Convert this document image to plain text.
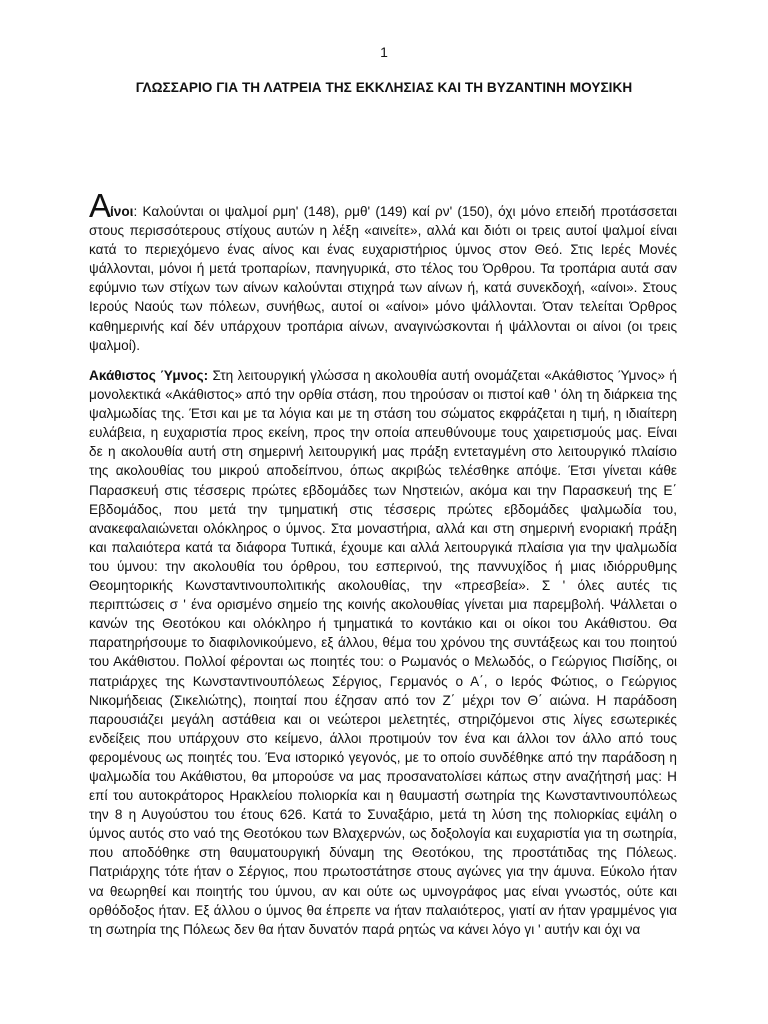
1
ΓΛΩΣΣΑΡΙΟ ΓΙΑ ΤΗ ΛΑΤΡΕΙΑ ΤΗΣ ΕΚΚΛΗΣΙΑΣ ΚΑΙ ΤΗ ΒΥΖΑΝΤΙΝΗ ΜΟΥΣΙΚΗ

Αίνοι: Καλούνται οι ψαλμοί ρμη' (148), ρμθ' (149) καί ρν' (150), όχι μόνο επειδή προτάσσεται στους περισσότερους στίχους αυτών η λέξη «αινείτε», αλλά και διότι οι τρεις αυτοί ψαλμοί είναι κατά το περιεχόμενο ένας αίνος και ένας ευχαριστήριος ύμνος στον Θεό. Στις Ιερές Μονές ψάλλονται, μόνοι ή μετά τροπαρίων, πανηγυρικά, στο τέλος του Όρθρου. Τα τροπάρια αυτά σαν εφύμνιο των στίχων των αίνων καλούνται στιχηρά των αίνων ή, κατά συνεκδοχή, «αίνοι». Στους Ιερούς Ναούς των πόλεων, συνήθως, αυτοί οι «αίνοι» μόνο ψάλλονται. Όταν τελείται Όρθρος καθημερινής καί δέν υπάρχουν τροπάρια αίνων, αναγινώσκονται ή ψάλλονται οι αίνοι (οι τρεις ψαλμοί).

Ακάθιστος Ύμνος: Στη λειτουργική γλώσσα η ακολουθία αυτή ονομάζεται «Ακάθιστος Ύμνος» ή μονολεκτικά «Ακάθιστος» από την ορθία στάση, που τηρούσαν οι πιστοί καθ ' όλη τη διάρκεια της ψαλμωδίας της. Έτσι και με τα λόγια και με τη στάση του σώματος εκφράζεται η τιμή, η ιδιαίτερη ευλάβεια, η ευχαριστία προς εκείνη, προς την οποία απευθύνουμε τους χαιρετισμούς μας. Είναι δε η ακολουθία αυτή στη σημερινή λειτουργική μας πράξη εντεταγμένη στο λειτουργικό πλαίσιο της ακολουθίας του μικρού αποδείπνου, όπως ακριβώς τελέσθηκε απόψε. Έτσι γίνεται κάθε Παρασκευή στις τέσσερις πρώτες εβδομάδες των Νηστειών, ακόμα και την Παρασκευή της Ε΄ Εβδομάδος, που μετά την τμηματική στις τέσσερις πρώτες εβδομάδες ψαλμωδία του, ανακεφαλαιώνεται ολόκληρος ο ύμνος. Στα μοναστήρια, αλλά και στη σημερινή ενοριακή πράξη και παλαιότερα κατά τα διάφορα Τυπικά, έχουμε και αλλά λειτουργικά πλαίσια για την ψαλμωδία του ύμνου: την ακολουθία του όρθρου, του εσπερινού, της παννυχίδος ή μιας ιδιόρρυθμης Θεομητορικής Κωνσταντινουπολιτικής ακολουθίας, την «πρεσβεία». Σ ' όλες αυτές τις περιπτώσεις σ ' ένα ορισμένο σημείο της κοινής ακολουθίας γίνεται μια παρεμβολή. Ψάλλεται ο κανών της Θεοτόκου και ολόκληρο ή τμηματικά το κοντάκιο και οι οίκοι του Ακάθιστου. Θα παρατηρήσουμε το διαφιλονικούμενο, εξ άλλου, θέμα του χρόνου της συντάξεως και του ποιητού του Ακάθιστου. Πολλοί φέρονται ως ποιητές του: ο Ρωμανός ο Μελωδός, ο Γεώργιος Πισίδης, οι πατριάρχες της Κωνσταντινουπόλεως Σέργιος, Γερμανός ο Α΄, ο Ιερός Φώτιος, ο Γεώργιος Νικομήδειας (Σικελιώτης), ποιηταί που έζησαν από τον Ζ΄ μέχρι τον Θ΄ αιώνα. Η παράδοση παρουσιάζει μεγάλη αστάθεια και οι νεώτεροι μελετητές, στηριζόμενοι στις λίγες εσωτερικές ενδείξεις που υπάρχουν στο κείμενο, άλλοι προτιμούν τον ένα και άλλοι τον άλλο από τους φερομένους ως ποιητές του. Ένα ιστορικό γεγονός, με το οποίο συνδέθηκε από την παράδοση η ψαλμωδία του Ακάθιστου, θα μπορούσε να μας προσανατολίσει κάπως στην αναζήτησή μας: Η επί του αυτοκράτορος Ηρακλείου πολιορκία και η θαυμαστή σωτηρία της Κωνσταντινουπόλεως την 8 η Αυγούστου του έτους 626. Κατά το Συναξάριο, μετά τη λύση της πολιορκίας εψάλη ο ύμνος αυτός στο ναό της Θεοτόκου των Βλαχερνών, ως δοξολογία και ευχαριστία για τη σωτηρία, που αποδόθηκε στη θαυματουργική δύναμη της Θεοτόκου, της προστάτιδας της Πόλεως. Πατριάρχης τότε ήταν ο Σέργιος, που πρωτοστάτησε στους αγώνες για την άμυνα. Εύκολο ήταν να θεωρηθεί και ποιητής του ύμνου, αν και ούτε ως υμνογράφος μας είναι γνωστός, ούτε και ορθόδοξος ήταν. Εξ άλλου ο ύμνος θα έπρεπε να ήταν παλαιότερος, γιατί αν ήταν γραμμένος για τη σωτηρία της Πόλεως δεν θα ήταν δυνατόν παρά ρητώς να κάνει λόγο γι ' αυτήν και όχι να
